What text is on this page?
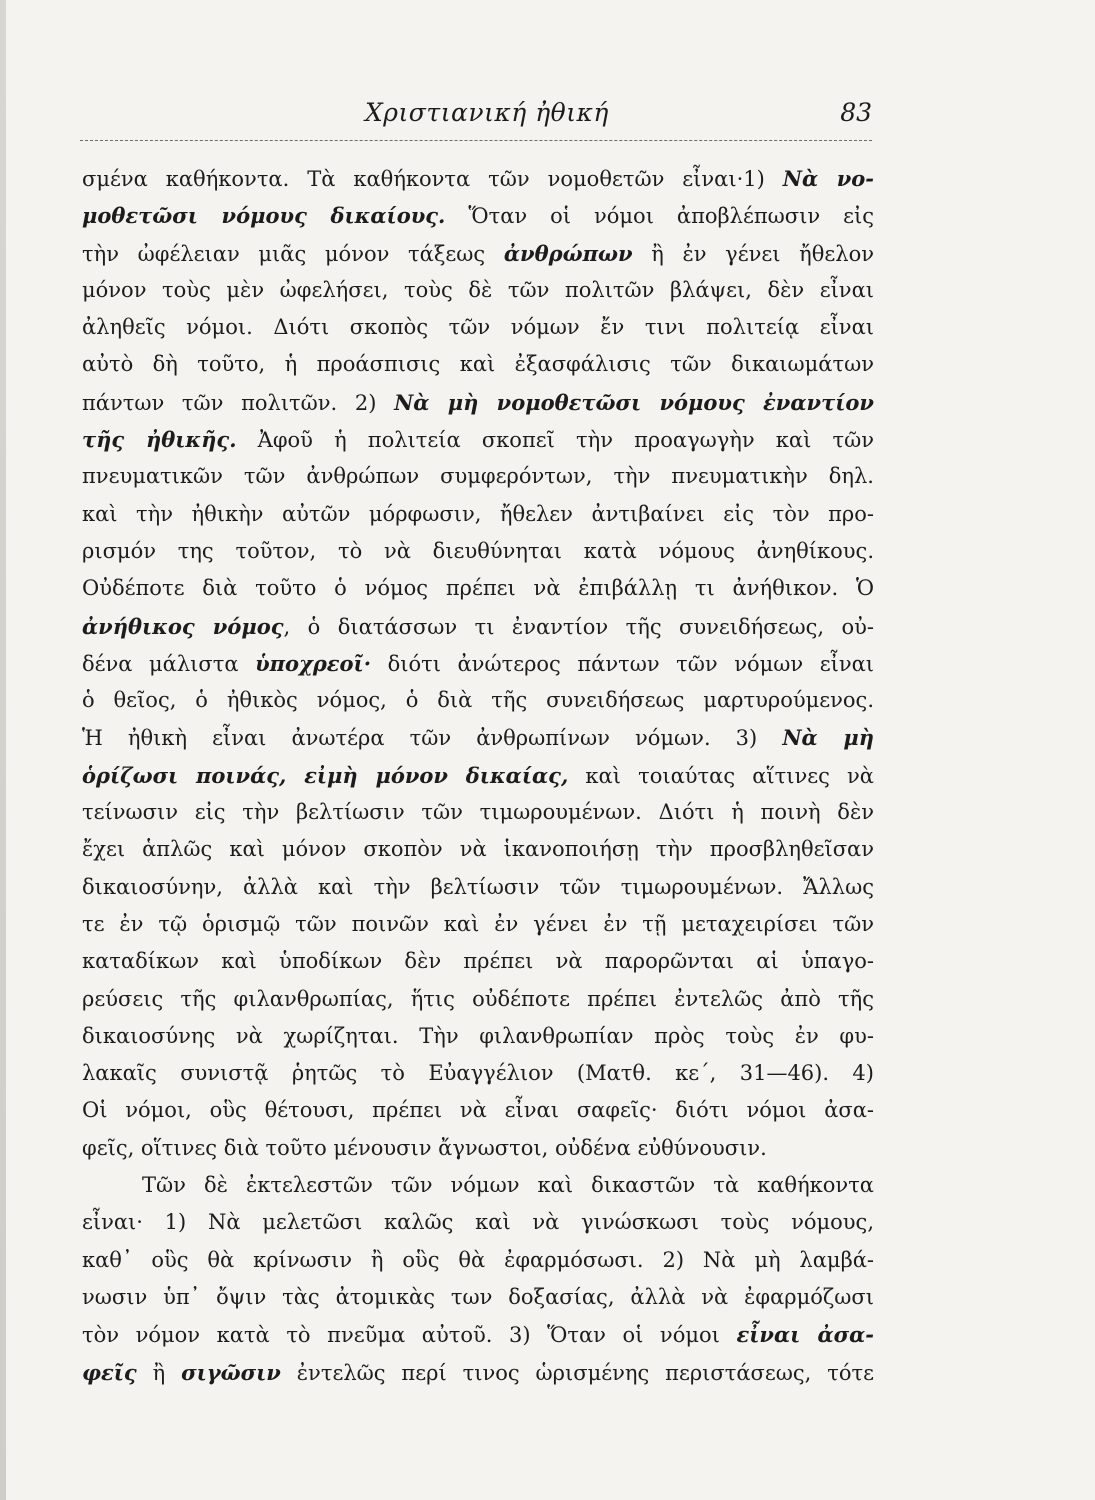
Χριστιανική ἠθική	83
σμένα καθήκοντα. Τὰ καθήκοντα τῶν νομοθετῶν εἶναι·1) Νὰ νο-
μοθετῶσι νόμους δικαίους. Ὅταν οἱ νόμοι ἀποβλέπωσιν εἰς
τὴν ὠφέλειαν μιᾶς μόνον τάξεως ἀνθρώπων ἢ ἐν γένει ἤθελον
μόνον τοὺς μὲν ὠφελήσει, τοὺς δὲ τῶν πολιτῶν βλάψει, δὲν εἶναι
ἀληθεῖς νόμοι. Διότι σκοπὸς τῶν νόμων ἔν τινι πολιτείᾳ εἶναι
αὐτὸ δὴ τοῦτο, ἡ προάσπισις καὶ ἐξασφάλισις τῶν δικαιωμάτων
πάντων τῶν πολιτῶν. 2) Νὰ μὴ νομοθετῶσι νόμους ἐναντίον
τῆς ἠθικῆς. Ἀφοῦ ἡ πολιτεία σκοπεῖ τὴν προαγωγὴν καὶ τῶν
πνευματικῶν τῶν ἀνθρώπων συμφερόντων, τὴν πνευματικὴν δηλ.
καὶ τὴν ἠθικὴν αὐτῶν μόρφωσιν, ἤθελεν ἀντιβαίνει εἰς τὸν προ-
ρισμόν της τοῦτον, τὸ νὰ διευθύνηται κατὰ νόμους ἀνηθίκους.
Οὐδέποτε διὰ τοῦτο ὁ νόμος πρέπει νὰ ἐπιβάλλῃ τι ἀνήθικον. Ὁ
ἀνήθικος νόμος, ὁ διατάσσων τι ἐναντίον τῆς συνειδήσεως, οὐ-
δένα μάλιστα ὑποχρεοῖ· διότι ἀνώτερος πάντων τῶν νόμων εἶναι
ὁ θεῖος, ὁ ἠθικὸς νόμος, ὁ διὰ τῆς συνειδήσεως μαρτυρούμενος.
Ἡ ἠθικὴ εἶναι ἀνωτέρα τῶν ἀνθρωπίνων νόμων. 3) Νὰ μὴ
ὁρίζωσι ποινάς, εἰμὴ μόνον δικαίας, καὶ τοιαύτας αἵτινες νὰ
τείνωσιν εἰς τὴν βελτίωσιν τῶν τιμωρουμένων. Διότι ἡ ποινὴ δὲν
ἔχει ἁπλῶς καὶ μόνον σκοπὸν νὰ ἱκανοποιήσῃ τὴν προσβληθεῖσαν
δικαιοσύνην, ἀλλὰ καὶ τὴν βελτίωσιν τῶν τιμωρουμένων. Ἄλλως
τε ἐν τῷ ὁρισμῷ τῶν ποινῶν καὶ ἐν γένει ἐν τῇ μεταχειρίσει τῶν
καταδίκων καὶ ὑποδίκων δὲν πρέπει νὰ παρορῶνται αἱ ὑπαγο-
ρεύσεις τῆς φιλανθρωπίας, ἥτις οὐδέποτε πρέπει ἐντελῶς ἀπὸ τῆς
δικαιοσύνης νὰ χωρίζηται. Τὴν φιλανθρωπίαν πρὸς τοὺς ἐν φυ-
λακαῖς συνιστᾷ ῥητῶς τὸ Εὐαγγέλιον (Ματθ. κε΄, 31—46). 4)
Οἱ νόμοι, οὓς θέτουσι, πρέπει νὰ εἶναι σαφεῖς· διότι νόμοι ἀσα-
φεῖς, οἵτινες διὰ τοῦτο μένουσιν ἄγνωστοι, οὐδένα εὐθύνουσιν.
Τῶν δὲ ἐκτελεστῶν τῶν νόμων καὶ δικαστῶν τὰ καθήκοντα
εἶναι· 1) Νὰ μελετῶσι καλῶς καὶ νὰ γινώσκωσι τοὺς νόμους,
καθ᾽ οὓς θὰ κρίνωσιν ἢ οὓς θὰ ἐφαρμόσωσι. 2) Νὰ μὴ λαμβά-
νωσιν ὑπ᾽ ὄψιν τὰς ἀτομικὰς των δοξασίας, ἀλλὰ νὰ ἐφαρμόζωσι
τὸν νόμον κατὰ τὸ πνεῦμα αὐτοῦ. 3) Ὅταν οἱ νόμοι εἶναι ἀσα-
φεῖς ἢ σιγῶσιν ἐντελῶς περί τινος ὡρισμένης περιστάσεως, τότε
